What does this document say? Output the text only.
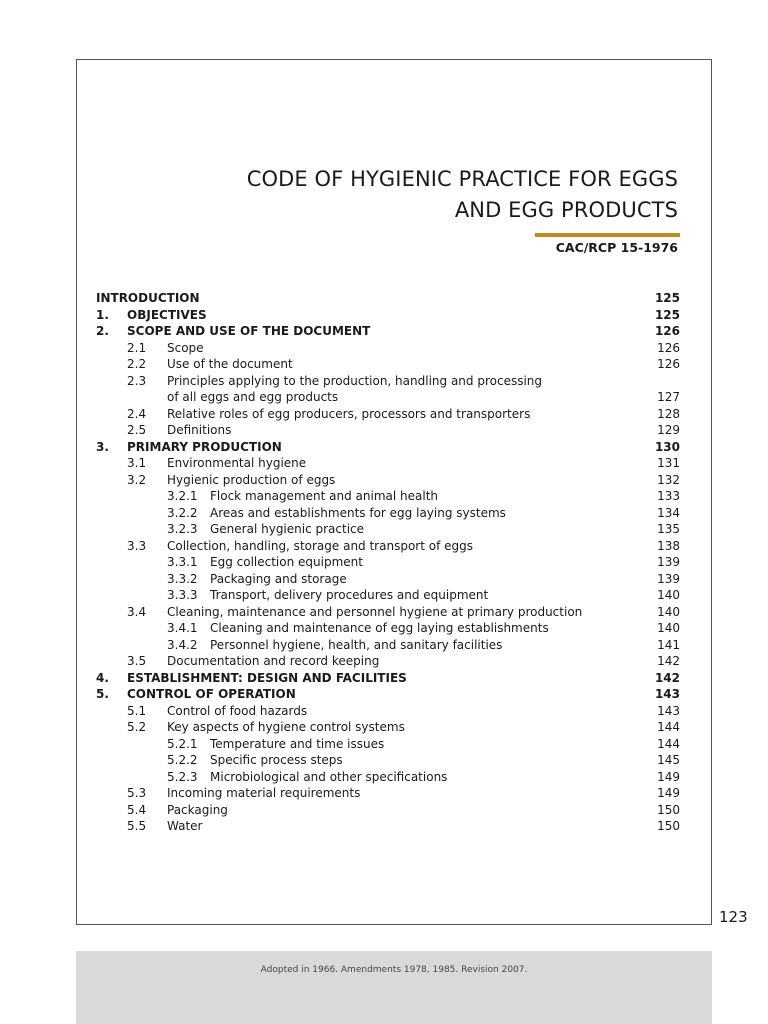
CODE OF HYGIENIC PRACTICE FOR EGGS
AND EGG PRODUCTS
CAC/RCP 15-1976
INTRODUCTION	125
1. OBJECTIVES	125
2. SCOPE AND USE OF THE DOCUMENT	126
2.1 Scope	126
2.2 Use of the document	126
2.3 Principles applying to the production, handling and processing
of all eggs and egg products	127
2.4 Relative roles of egg producers, processors and transporters	128
2.5 Definitions	129
3. PRIMARY PRODUCTION	130
3.1 Environmental hygiene	131
3.2 Hygienic production of eggs	132
3.2.1 Flock management and animal health	133
3.2.2 Areas and establishments for egg laying systems	134
3.2.3 General hygienic practice	135
3.3 Collection, handling, storage and transport of eggs	138
3.3.1 Egg collection equipment	139
3.3.2 Packaging and storage	139
3.3.3 Transport, delivery procedures and equipment	140
3.4 Cleaning, maintenance and personnel hygiene at primary production	140
3.4.1 Cleaning and maintenance of egg laying establishments	140
3.4.2 Personnel hygiene, health, and sanitary facilities	141
3.5 Documentation and record keeping	142
4. ESTABLISHMENT: DESIGN AND FACILITIES	142
5. CONTROL OF OPERATION	143
5.1 Control of food hazards	143
5.2 Key aspects of hygiene control systems	144
5.2.1 Temperature and time issues	144
5.2.2 Specific process steps	145
5.2.3 Microbiological and other specifications	149
5.3 Incoming material requirements	149
5.4 Packaging	150
5.5 Water	150
123
Adopted in 1966. Amendments 1978, 1985. Revision 2007.
